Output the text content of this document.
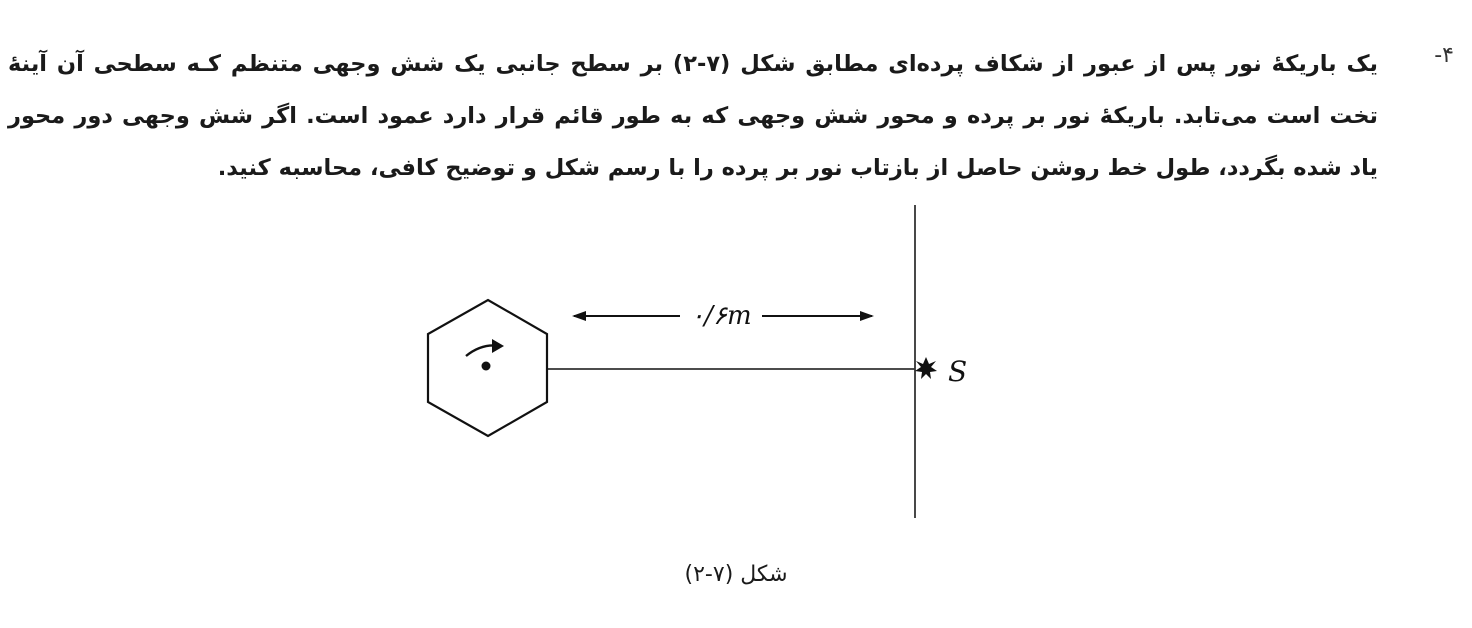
-۴
یک باریکهٔ نور پس از عبور از شکاف پرده‌ای مطابق شکل (۷-۲) بر سطح جانبی یک شش وجهی متنظم کـه سطحی آن آینهٔ تخت است می‌تابد. باریکهٔ نور بر پرده و محور شش وجهی که به طور قائم قرار دارد عمود است. اگر شش وجهی دور محور یاد شده بگردد، طول خط روشن حاصل از بازتاب نور بر پرده را با رسم شکل و توضیح کافی، محاسبه کنید.
S
۰/۶m
شکل (۷-۲)
